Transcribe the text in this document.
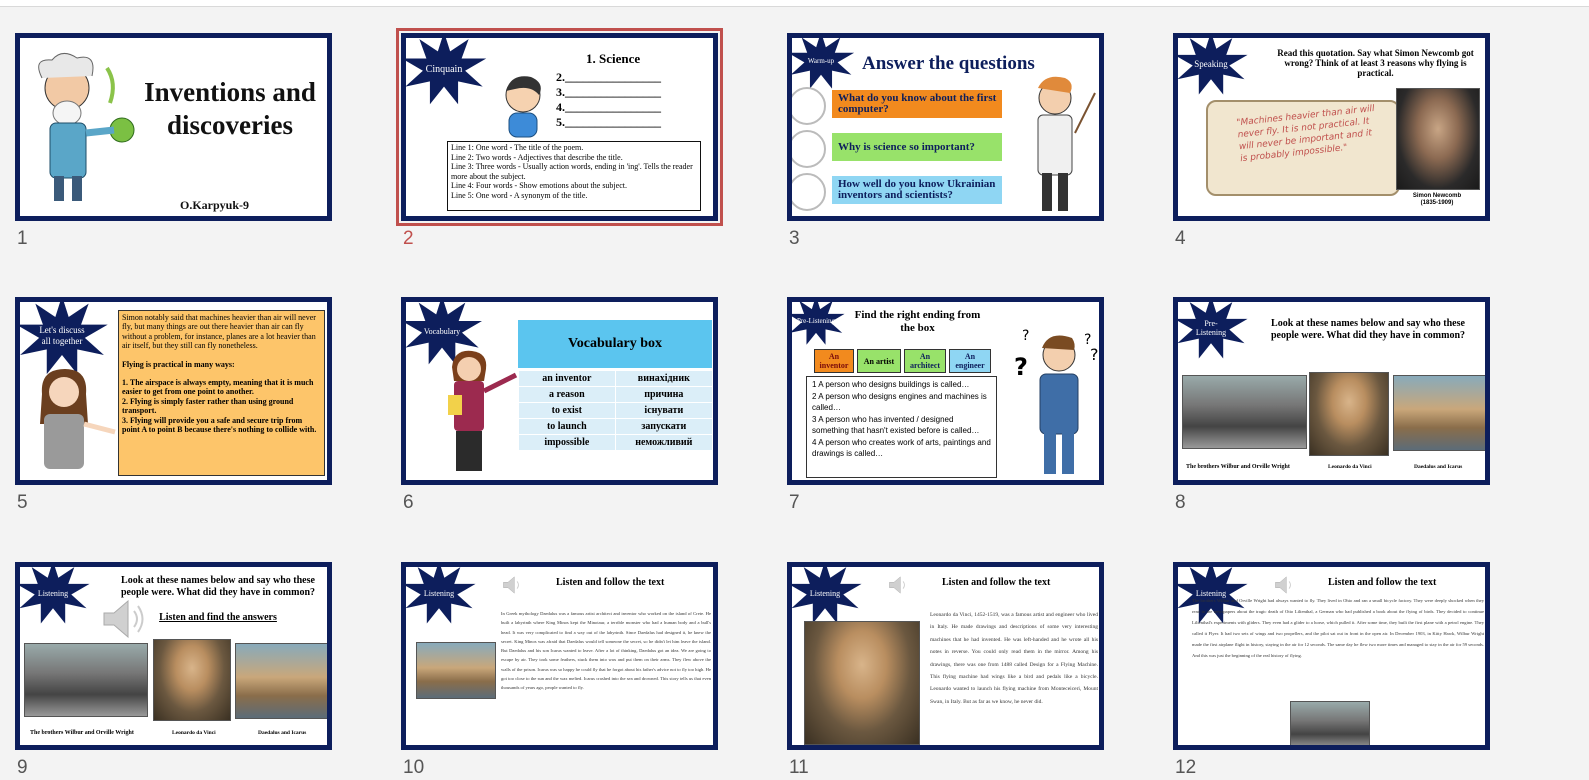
Inventions and discoveries
O.Karpyuk-9
1
Cinquain
1. Science
2.________________
3.________________
4.________________
5.________________
Line 1: One word - The title of the poem.
Line 2: Two words - Adjectives that describe the title.
Line 3: Three words - Usually action words, ending in 'ing'. Tells the reader more about the subject.
Line 4: Four words - Show emotions about the subject.
Line 5: One word - A synonym of the title.
2
Warm-up	Answer the questions
What do you know about the first computer?
Why is science so important?
How well do you know Ukrainian inventors and scientists?
3
Speaking
Read this quotation. Say what Simon Newcomb got wrong? Think of at least 3 reasons why flying is practical.
"Machines heavier than air will never fly. It is not practical. It will never be important and it is probably impossible."
Simon Newcomb
(1835-1909)
4
Let's discuss all together
Simon notably said that machines heavier than air will never fly, but many things are out there heavier than air can fly without a problem, for instance, planes are a lot heavier than air itself, but they still can fly nonetheless.
Flying is practical in many ways:
1. The airspace is always empty, meaning that it is much easier to get from one point to another.
2. Flying is simply faster rather than using ground transport.
3. Flying will provide you a safe and secure trip from point A to point B because there's nothing to collide with.
5
Vocabulary
Vocabulary box
an inventor	винахідник
a reason	причина
to exist	існувати
to launch	запускати
impossible	неможливий
6
Pre-Listening	Find the right ending from the box
An inventor	An artist	An architect
An engineer
1 A person who designs buildings is called…
2 A person who designs engines and machines is called…
3 A person who has invented / designed something that hasn't existed before is called…
4 A person who creates work of arts, paintings and drawings is called…
?
?
?
?
7
Pre-Listening
Look at these names below and say who these people were. What did they have in common?
The brothers Wilbur and Orville Wright	Leonardo da Vinci	Daedalus and Icarus
8
Listening
Look at these names below and say who these people were. What did they have in common?
Listen and find the answers
The brothers Wilbur and Orville Wright	Leonardo da Vinci	Daedalus and Icarus
9
Listening
Listen and follow the text
In Greek mythology Daedalus was a famous artist architect and inventor who worked on the island of Crete. He built a labyrinth where King Minos kept the Minotaur, a terrible monster who had a human body and a bull's head. It was very complicated to find a way out of the labyrinth. Since Daedalus had designed it, he knew the secret. King Minos was afraid that Daedalus would tell someone the secret, so he didn't let him leave the island. But Daedalus and his son Icarus wanted to leave. After a lot of thinking, Daedalus got an idea. We are going to escape by air. They took some feathers, stuck them into wax and put them on their arms. They flew above the walls of the prison. Icarus was so happy he could fly that he forgot about his father's advice not to fly too high. He got too close to the sun and the wax melted. Icarus crashed into the sea and drowned. This story tells us that even thousands of years ago, people wanted to fly.
10
Listening
Listen and follow the text
Leonardo da Vinci, 1452-1519, was a famous artist and engineer who lived in Italy. He made drawings and descriptions of some very interesting machines that he had invented. He was left-handed and he wrote all his notes in reverse. You could only read them in the mirror. Among his drawings, there was one from 1488 called Design for a Flying Machine. This flying machine had wings like a bird and pedals like a bicycle. Leonardo wanted to launch his flying machine from Monteceiceri, Mount Swan, in Italy. But as far as we know, he never did.
11
Listening
Listen and follow the text
The brothers Wilbur and Orville Wright had always wanted to fly. They lived in Ohio and ran a small bicycle factory. They were deeply shocked when they read in the newspapers about the tragic death of Otto Lilienthal, a German who had published a book about the flying of birds. They decided to continue Lilienthal's experiments with gliders. They even had a glider to a horse, which pulled it. After some time, they built the first plane with a petrol engine. They called it Flyer. It had two sets of wings and two propellers, and the pilot sat out in front in the open air. In December 1903, in Kitty Hawk, Wilbur Wright made the first airplane flight in history, staying in the air for 12 seconds. The same day he flew two more times and managed to stay in the air for 59 seconds. And this was just the beginning of the real history of flying.
12
